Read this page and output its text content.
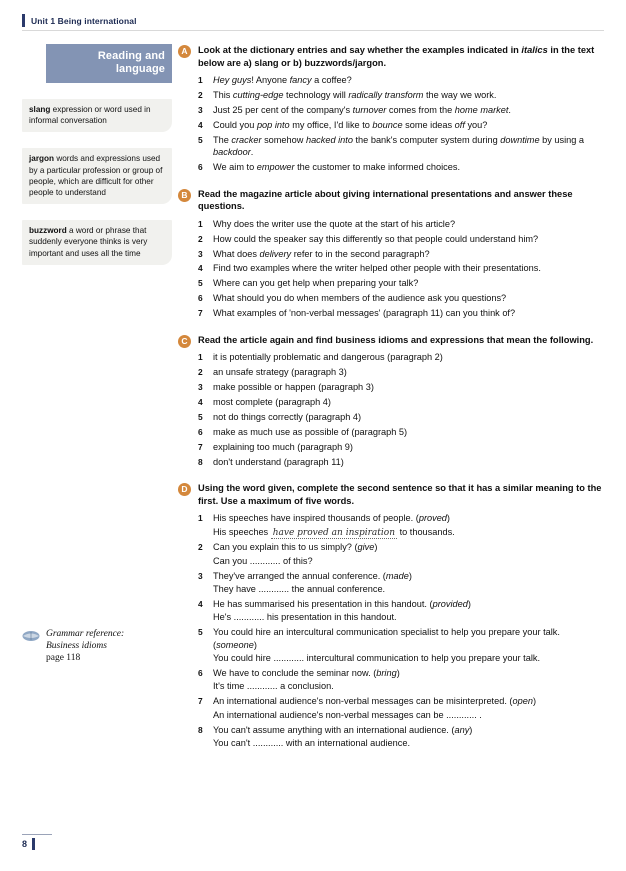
Unit 1 Being international
Reading and language
slang expression or word used in informal conversation
jargon words and expressions used by a particular profession or group of people, which are difficult for other people to understand
buzzword a word or phrase that suddenly everyone thinks is very important and uses all the time
Grammar reference:
Business idioms
page 118
A	Look at the dictionary entries and say whether the examples indicated in italics in the text below are a) slang or b) buzzwords/jargon.
1 Hey guys! Anyone fancy a coffee?
2 This cutting-edge technology will radically transform the way we work.
3 Just 25 per cent of the company's turnover comes from the home market.
4 Could you pop into my office, I'd like to bounce some ideas off you?
5 The cracker somehow hacked into the bank's computer system during downtime by using a backdoor.
6 We aim to empower the customer to make informed choices.
B	Read the magazine article about giving international presentations and answer these questions.
1 Why does the writer use the quote at the start of his article?
2 How could the speaker say this differently so that people could understand him?
3 What does delivery refer to in the second paragraph?
4 Find two examples where the writer helped other people with their presentations.
5 Where can you get help when preparing your talk?
6 What should you do when members of the audience ask you questions?
7 What examples of 'non-verbal messages' (paragraph 11) can you think of?
C	Read the article again and find business idioms and expressions that mean the following.
1 it is potentially problematic and dangerous (paragraph 2)
2 an unsafe strategy (paragraph 3)
3 make possible or happen (paragraph 3)
4 most complete (paragraph 4)
5 not do things correctly (paragraph 4)
6 make as much use as possible of (paragraph 5)
7 explaining too much (paragraph 9)
8 don't understand (paragraph 11)
D	Using the word given, complete the second sentence so that it has a similar meaning to the first. Use a maximum of five words.
1 His speeches have inspired thousands of people. (proved)
His speeches have proved an inspiration to thousands.
2 Can you explain this to us simply? (give)
Can you ............ of this?
3 They've arranged the annual conference. (made)
They have ............ the annual conference.
4 He has summarised his presentation in this handout. (provided)
He's ............ his presentation in this handout.
5 You could hire an intercultural communication specialist to help you prepare your talk. (someone)
You could hire ............ intercultural communication to help you prepare your talk.
6 We have to conclude the seminar now. (bring)
It's time ............ a conclusion.
7 An international audience's non-verbal messages can be misinterpreted. (open)
An international audience's non-verbal messages can be ............ .
8 You can't assume anything with an international audience. (any)
You can't ............ with an international audience.
8
